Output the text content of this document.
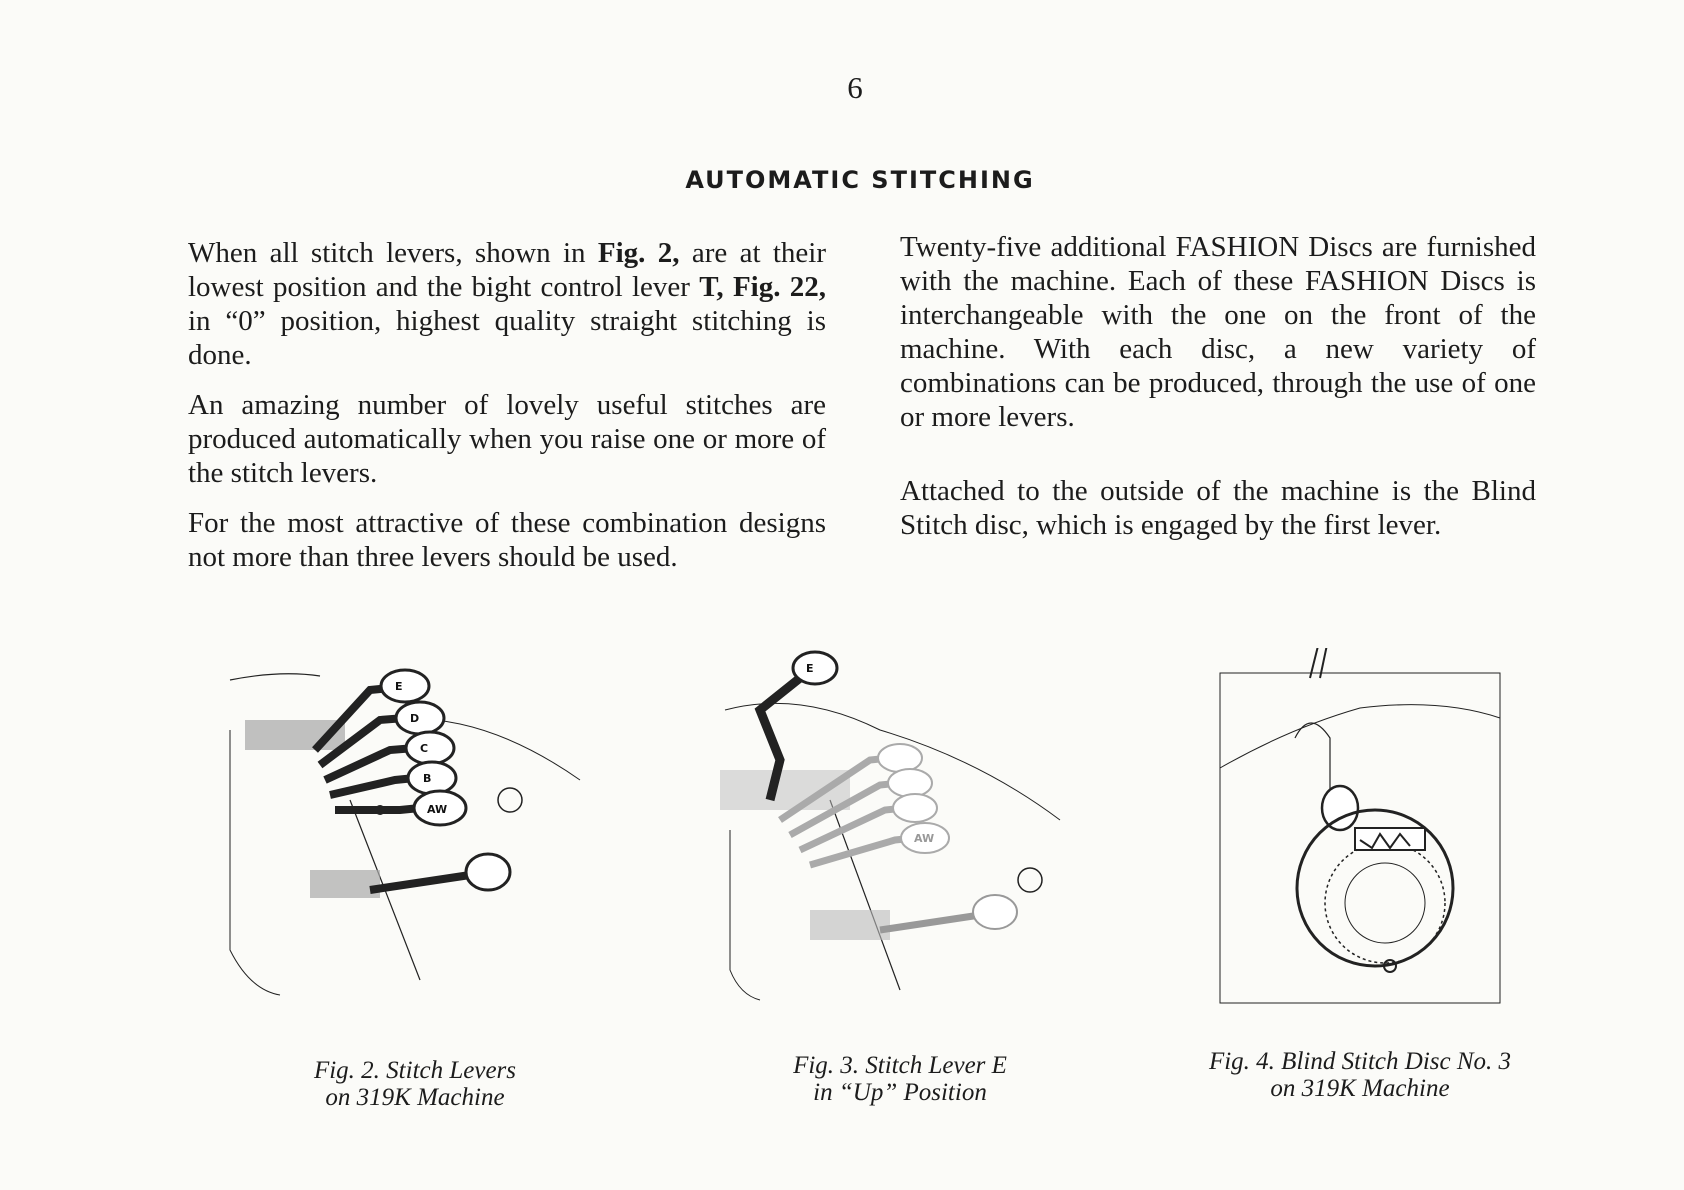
6
AUTOMATIC STITCHING

When all stitch levers, shown in Fig. 2, are at their lowest position and the bight control lever T, Fig. 22, in “0” position, highest quality straight stitching is done.

An amazing number of lovely useful stitches are produced automatically when you raise one or more of the stitch levers.

For the most attractive of these combination designs not more than three levers should be used.

Twenty-five additional FASHION Discs are furnished with the machine. Each of these FASHION Discs is interchangeable with the one on the front of the machine. With each disc, a new variety of combinations can be produced, through the use of one or more levers.

Attached to the outside of the machine is the Blind Stitch disc, which is engaged by the first lever.

E
D
C
B
AW
Fig. 2. Stitch Levers
on 319K Machine
E
AW
Fig. 3. Stitch Lever E
in “Up” Position
Fig. 4. Blind Stitch Disc No. 3
on 319K Machine
